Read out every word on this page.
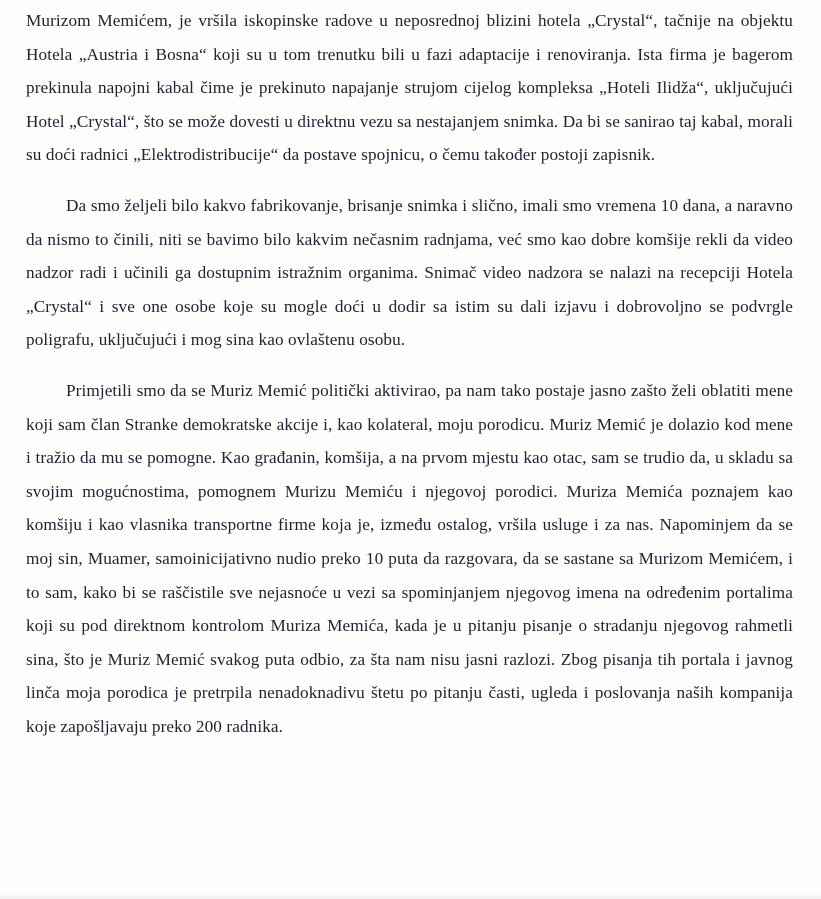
Murizom Memićem, je vršila iskopinske radove u neposrednoj blizini hotela „Crystal“, tačnije na objektu Hotela „Austria i Bosna“ koji su u tom trenutku bili u fazi adaptacije i renoviranja. Ista firma je bagerom prekinula napojni kabal čime je prekinuto napajanje strujom cijelog kompleksa „Hoteli Ilidža“, uključujući Hotel „Crystal“, što se može dovesti u direktnu vezu sa nestajanjem snimka. Da bi se sanirao taj kabal, morali su doći radnici „Elektrodistribucije“ da postave spojnicu, o čemu također postoji zapisnik.

Da smo željeli bilo kakvo fabrikovanje, brisanje snimka i slično, imali smo vremena 10 dana, a naravno da nismo to činili, niti se bavimo bilo kakvim nečasnim radnjama, već smo kao dobre komšije rekli da video nadzor radi i učinili ga dostupnim istražnim organima. Snimač video nadzora se nalazi na recepciji Hotela „Crystal“ i sve one osobe koje su mogle doći u dodir sa istim su dali izjavu i dobrovoljno se podvrgle poligrafu, uključujući i mog sina kao ovlaštenu osobu.

Primjetili smo da se Muriz Memić politički aktivirao, pa nam tako postaje jasno zašto želi oblatiti mene koji sam član Stranke demokratske akcije i, kao kolateral, moju porodicu. Muriz Memić je dolazio kod mene i tražio da mu se pomogne. Kao građanin, komšija, a na prvom mjestu kao otac, sam se trudio da, u skladu sa svojim mogućnostima, pomognem Murizu Memiću i njegovoj porodici. Muriza Memića poznajem kao komšiju i kao vlasnika transportne firme koja je, između ostalog, vršila usluge i za nas. Napominjem da se moj sin, Muamer, samoinicijativno nudio preko 10 puta da razgovara, da se sastane sa Murizom Memićem, i to sam, kako bi se raščistile sve nejasnoće u vezi sa spominjanjem njegovog imena na određenim portalima koji su pod direktnom kontrolom Muriza Memića, kada je u pitanju pisanje o stradanju njegovog rahmetli sina, što je Muriz Memić svakog puta odbio, za šta nam nisu jasni razlozi. Zbog pisanja tih portala i javnog linča moja porodica je pretrpila nenadoknadivu štetu po pitanju časti, ugleda i poslovanja naših kompanija koje zapošljavaju preko 200 radnika.
